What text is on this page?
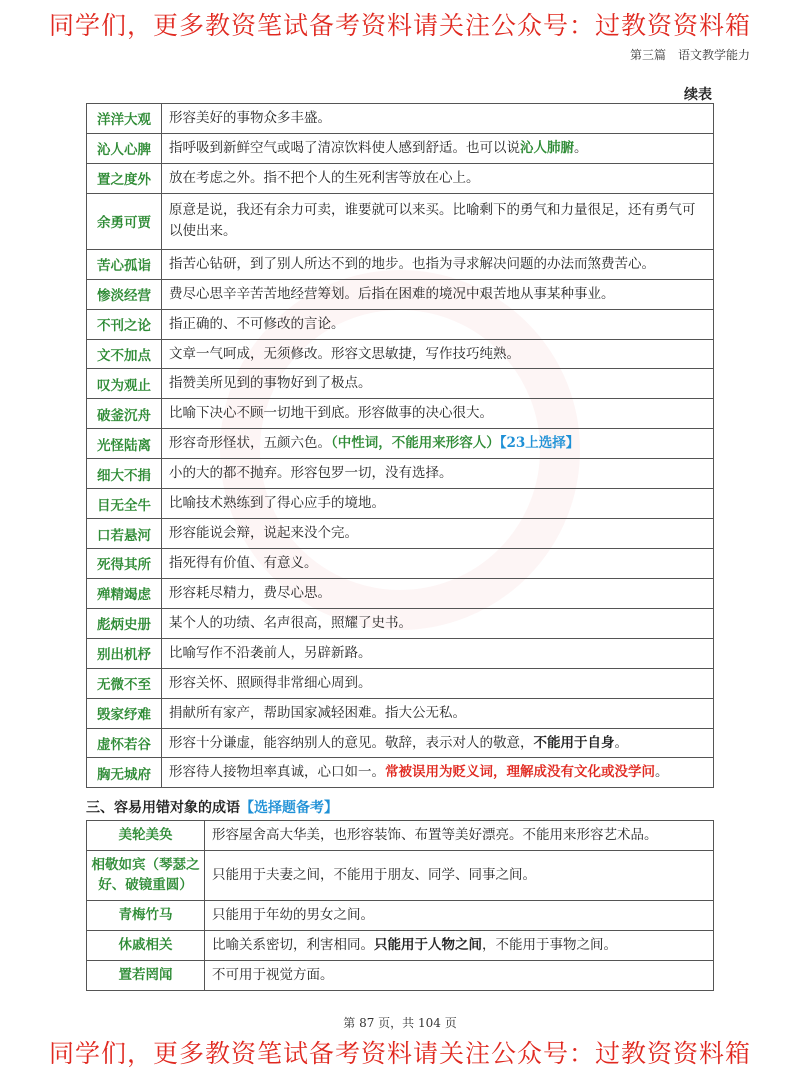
同学们，更多教资笔试备考资料请关注公众号：过教资资料箱
第三篇 语文教学能力
续表
洋洋大观	形容美好的事物众多丰盛。
沁人心脾	指呼吸到新鲜空气或喝了清凉饮料使人感到舒适。也可以说沁人肺腑。
置之度外	放在考虑之外。指不把个人的生死利害等放在心上。
余勇可贾	原意是说，我还有余力可卖，谁要就可以来买。比喻剩下的勇气和力量很足，还有勇气可以使出来。
苦心孤诣	指苦心钻研，到了别人所达不到的地步。也指为寻求解决问题的办法而煞费苦心。
惨淡经营	费尽心思辛辛苦苦地经营筹划。后指在困难的境况中艰苦地从事某种事业。
不刊之论	指正确的、不可修改的言论。
文不加点	文章一气呵成，无须修改。形容文思敏捷，写作技巧纯熟。
叹为观止	指赞美所见到的事物好到了极点。
破釜沉舟	比喻下决心不顾一切地干到底。形容做事的决心很大。
光怪陆离	形容奇形怪状，五颜六色。（中性词，不能用来形容人）【23上选择】
细大不捐	小的大的都不抛弃。形容包罗一切，没有选择。
目无全牛	比喻技术熟练到了得心应手的境地。
口若悬河	形容能说会辩，说起来没个完。
死得其所	指死得有价值、有意义。
殚精竭虑	形容耗尽精力，费尽心思。
彪炳史册	某个人的功绩、名声很高，照耀了史书。
别出机杼	比喻写作不沿袭前人，另辟新路。
无微不至	形容关怀、照顾得非常细心周到。
毁家纾难	捐献所有家产，帮助国家减轻困难。指大公无私。
虚怀若谷	形容十分谦虚，能容纳别人的意见。敬辞，表示对人的敬意，不能用于自身。
胸无城府	形容待人接物坦率真诚，心口如一。常被误用为贬义词，理解成没有文化或没学问。
三、容易用错对象的成语【选择题备考】
美轮美奂	形容屋舍高大华美，也形容装饰、布置等美好漂亮。不能用来形容艺术品。
相敬如宾（琴瑟之好、破镜重圆）	只能用于夫妻之间，不能用于朋友、同学、同事之间。
青梅竹马	只能用于年幼的男女之间。
休戚相关	比喻关系密切，利害相同。只能用于人物之间，不能用于事物之间。
置若罔闻	不可用于视觉方面。
第 87 页，共 104 页
同学们，更多教资笔试备考资料请关注公众号：过教资资料箱
